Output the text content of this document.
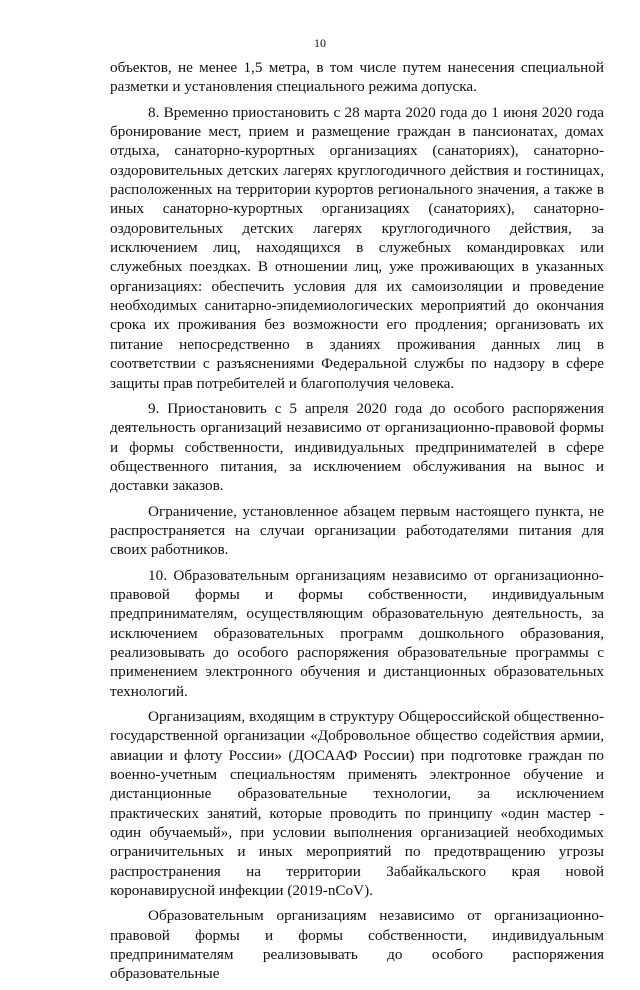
10

объектов, не менее 1,5 метра, в том числе путем нанесения специальной разметки и установления специального режима допуска.

8. Временно приостановить с 28 марта 2020 года до 1 июня 2020 года бронирование мест, прием и размещение граждан в пансионатах, домах отдыха, санаторно-курортных организациях (санаториях), санаторно-оздоровительных детских лагерях круглогодичного действия и гостиницах, расположенных на территории курортов регионального значения, а также в иных санаторно-курортных организациях (санаториях), санаторно-оздоровительных детских лагерях круглогодичного действия, за исключением лиц, находящихся в служебных командировках или служебных поездках. В отношении лиц, уже проживающих в указанных организациях: обеспечить условия для их самоизоляции и проведение необходимых санитарно-эпидемиологических мероприятий до окончания срока их проживания без возможности его продления; организовать их питание непосредственно в зданиях проживания данных лиц в соответствии с разъяснениями Федеральной службы по надзору в сфере защиты прав потребителей и благополучия человека.

9. Приостановить с 5 апреля 2020 года до особого распоряжения деятельность организаций независимо от организационно-правовой формы и формы собственности, индивидуальных предпринимателей в сфере общественного питания, за исключением обслуживания на вынос и доставки заказов.

Ограничение, установленное абзацем первым настоящего пункта, не распространяется на случаи организации работодателями питания для своих работников.

10. Образовательным организациям независимо от организационно-правовой формы и формы собственности, индивидуальным предпринимателям, осуществляющим образовательную деятельность, за исключением образовательных программ дошкольного образования, реализовывать до особого распоряжения образовательные программы с применением электронного обучения и дистанционных образовательных технологий.

Организациям, входящим в структуру Общероссийской общественно-государственной организации «Добровольное общество содействия армии, авиации и флоту России» (ДОСААФ России) при подготовке граждан по военно-учетным специальностям применять электронное обучение и дистанционные образовательные технологии, за исключением практических занятий, которые проводить по принципу «один мастер - один обучаемый», при условии выполнения организацией необходимых ограничительных и иных мероприятий по предотвращению угрозы распространения на территории Забайкальского края новой коронавирусной инфекции (2019-nCoV).

Образовательным организациям независимо от организационно-правовой формы и формы собственности, индивидуальным предпринимателям реализовывать до особого распоряжения образовательные
